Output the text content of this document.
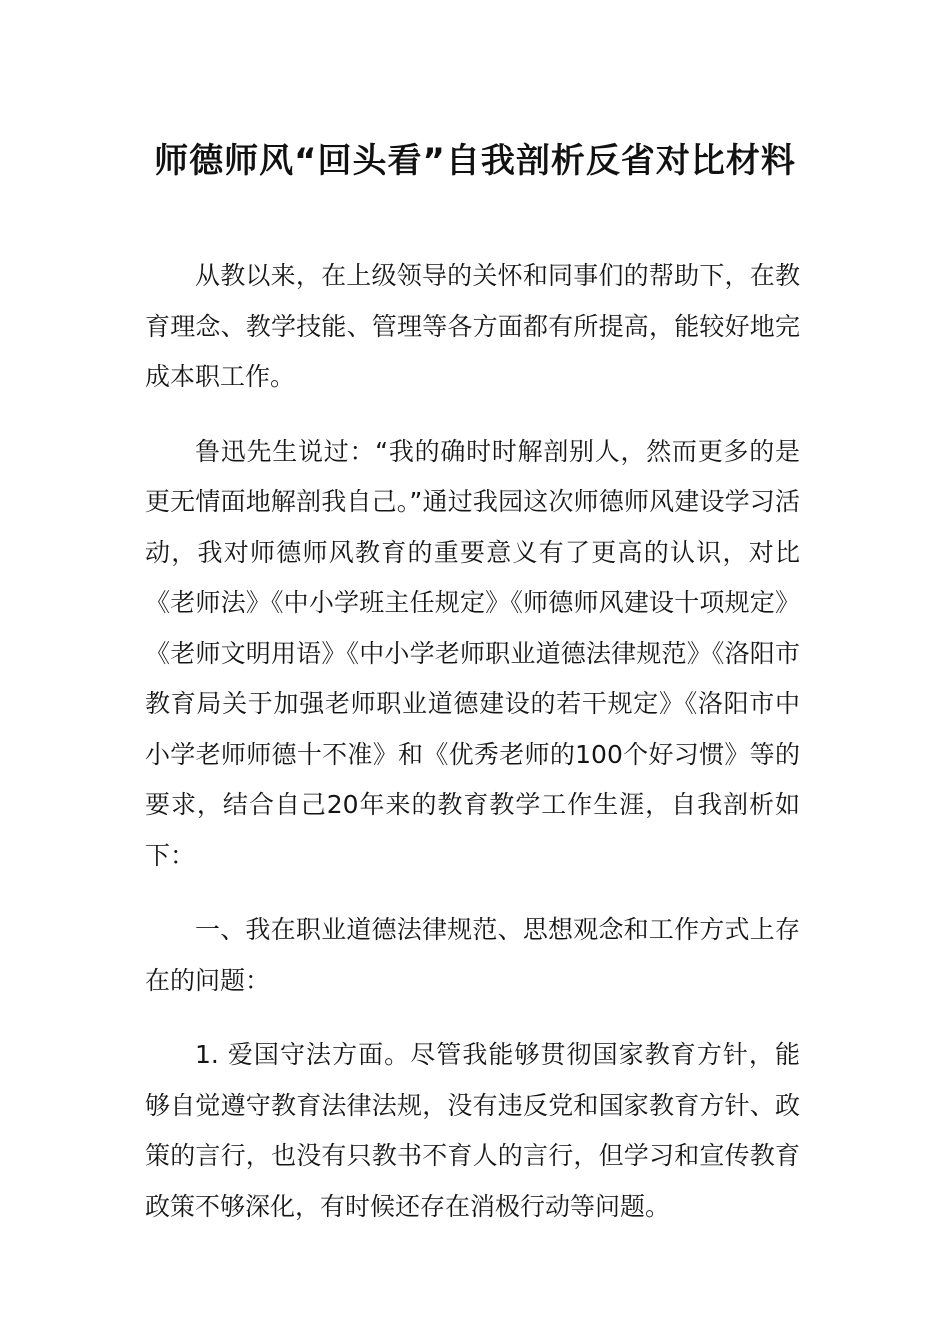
师德师风“回头看”自我剖析反省对比材料

从教以来，在上级领导的关怀和同事们的帮助下，在教育理念、教学技能、管理等各方面都有所提高，能较好地完成本职工作。

鲁迅先生说过：“我的确时时解剖别人，然而更多的是更无情面地解剖我自己。”通过我园这次师德师风建设学习活动，我对师德师风教育的重要意义有了更高的认识，对比《老师法》《中小学班主任规定》《师德师风建设十项规定》《老师文明用语》《中小学老师职业道德法律规范》《洛阳市教育局关于加强老师职业道德建设的若干规定》《洛阳市中小学老师师德十不准》和《优秀老师的100个好习惯》等的要求，结合自己20年来的教育教学工作生涯，自我剖析如下：

一、我在职业道德法律规范、思想观念和工作方式上存在的问题：

1. 爱国守法方面。尽管我能够贯彻国家教育方针，能够自觉遵守教育法律法规，没有违反党和国家教育方针、政策的言行，也没有只教书不育人的言行，但学习和宣传教育政策不够深化，有时候还存在消极行动等问题。
